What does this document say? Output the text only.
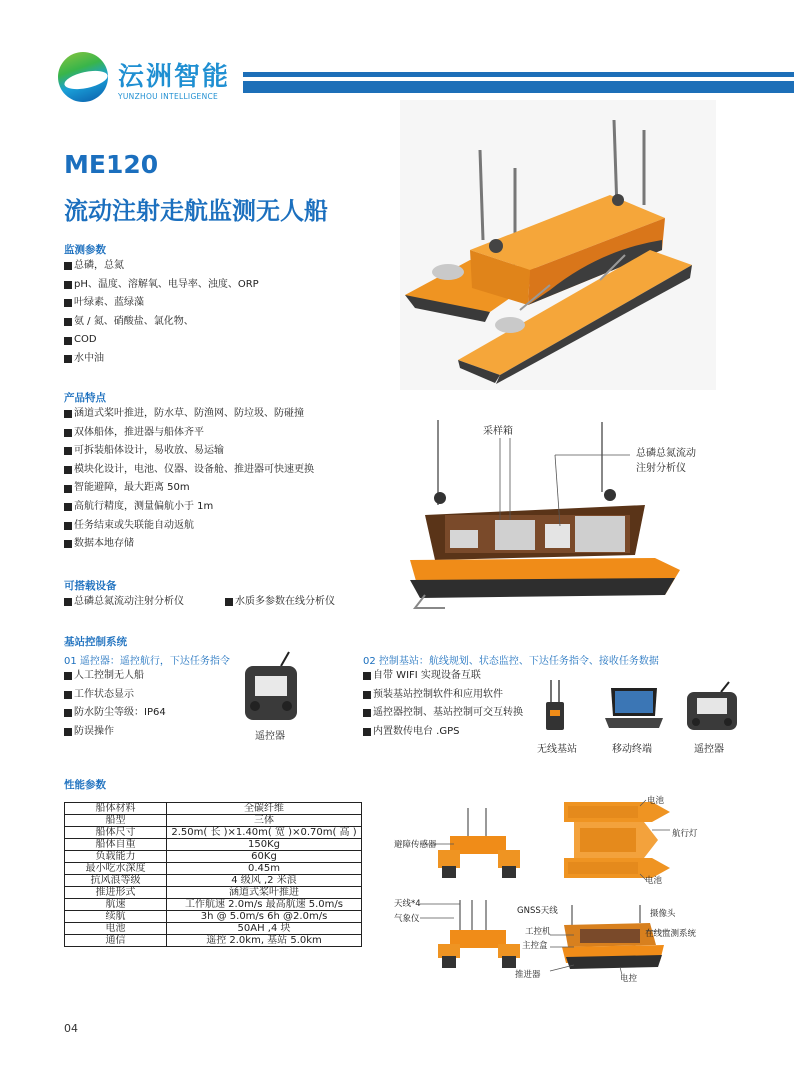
沄洲智能
YUNZHOU INTELLIGENCE
ME120
流动注射走航监测无人船
监测参数
总磷，总氮
pH、温度、溶解氧、电导率、浊度、ORP
叶绿素、蓝绿藻
氨 / 氮、硝酸盐、氯化物、
COD
水中油
产品特点
涵道式桨叶推进，防水草、防渔网、防垃圾、防碰撞
双体船体，推进器与船体齐平
可拆装船体设计，易收放、易运输
模块化设计，电池、仪器、设备舱、推进器可快速更换
智能避障，最大距离 50m
高航行精度，测量偏航小于 1m
任务结束或失联能自动返航
数据本地存储
采样箱
总磷总氮流动
注射分析仪
可搭载设备
总磷总氮流动注射分析仪	水质多参数在线分析仪
基站控制系统
01 遥控器：遥控航行，下达任务指令
人工控制无人船
工作状态显示
防水防尘等级：IP64
防误操作	遥控器
02 控制基站：航线规划、状态监控、下达任务指令、接收任务数据
自带 WIFI 实现设备互联
预装基站控制软件和应用软件
遥控器控制、基站控制可交互转换
内置数传电台 .GPS
无线基站	移动终端	遥控器
性能参数
船体材料	全碳纤维
船型	三体
船体尺寸	2.50m( 长 )×1.40m( 宽 )×0.70m( 高 )
船体自重	150Kg
负载能力	60Kg
最小吃水深度	0.45m
抗风浪等级	4 级风 ,2 米浪
推进形式	涵道式桨叶推进
航速	工作航速 2.0m/s 最高航速 5.0m/s
续航	3h @ 5.0m/s 6h @2.0m/s
电池	50AH ,4 块
通信	遥控 2.0km, 基站 5.0km
避障传感器
天线*4
气象仪
电池
航行灯
电池
GNSS天线	摄像头
工控机	在线监测系统
主控盒
推进器	电控
04
